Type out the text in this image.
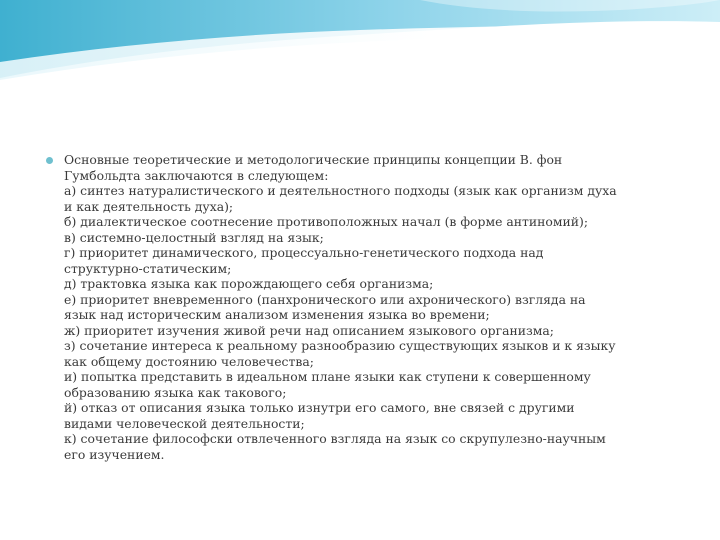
Основные теоретические и методологические принципы концепции В. фон
Гумбольдта заключаются в следующем:
а) синтез натуралистического и деятельностного подходы (язык как организм духа
и как деятельность духа);
б) диалектическое соотнесение противоположных начал (в форме антиномий);
в) системно-целостный взгляд на язык;
г) приоритет динамического, процессуально-генетического подхода над
структурно-статическим;
д) трактовка языка как порождающего себя организма;
е) приоритет вневременного (панхронического или ахронического) взгляда на
язык над историческим анализом изменения языка во времени;
ж) приоритет изучения живой речи над описанием языкового организма;
з) сочетание интереса к реальному разнообразию существующих языков и к языку
как общему достоянию человечества;
и) попытка представить в идеальном плане языки как ступени к совершенному
образованию языка как такового;
й) отказ от описания языка только изнутри его самого, вне связей с другими
видами человеческой деятельности;
к) сочетание философски отвлеченного взгляда на язык со скрупулезно-научным
его изучением.
